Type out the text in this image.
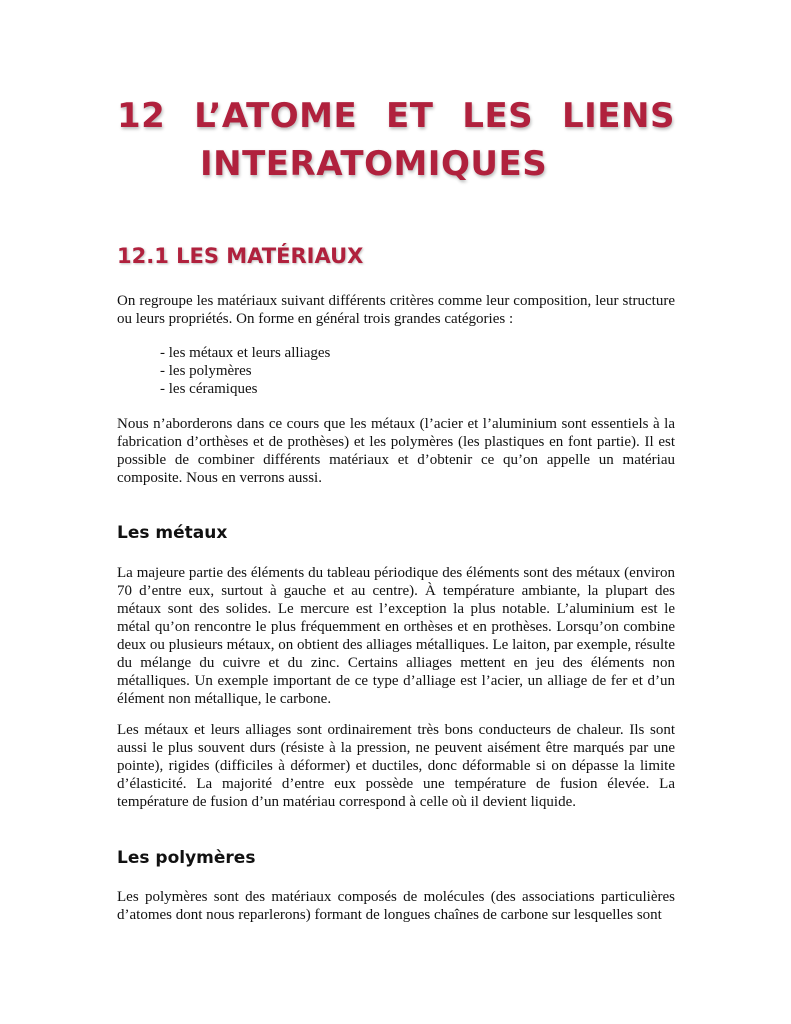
12 L’ATOME ET LES LIENS
INTERATOMIQUES
12.1 LES MATÉRIAUX

On regroupe les matériaux suivant différents critères comme leur composition, leur structure ou leurs propriétés. On forme en général trois grandes catégories :

- les métaux et leurs alliages
- les polymères
- les céramiques

Nous n’aborderons dans ce cours que les métaux (l’acier et l’aluminium sont essentiels à la fabrication d’orthèses et de prothèses) et les polymères (les plastiques en font partie). Il est possible de combiner différents matériaux et d’obtenir ce qu’on appelle un matériau composite. Nous en verrons aussi.

Les métaux

La majeure partie des éléments du tableau périodique des éléments sont des métaux (environ 70 d’entre eux, surtout à gauche et au centre). À température ambiante, la plupart des métaux sont des solides. Le mercure est l’exception la plus notable. L’aluminium est le métal qu’on rencontre le plus fréquemment en orthèses et en prothèses. Lorsqu’on combine deux ou plusieurs métaux, on obtient des alliages métalliques. Le laiton, par exemple, résulte du mélange du cuivre et du zinc. Certains alliages mettent en jeu des éléments non métalliques. Un exemple important de ce type d’alliage est l’acier, un alliage de fer et d’un élément non métallique, le carbone.

Les métaux et leurs alliages sont ordinairement très bons conducteurs de chaleur. Ils sont aussi le plus souvent durs (résiste à la pression, ne peuvent aisément être marqués par une pointe), rigides (difficiles à déformer) et ductiles, donc déformable si on dépasse la limite d’élasticité. La majorité d’entre eux possède une température de fusion élevée. La température de fusion d’un matériau correspond à celle où il devient liquide.

Les polymères

Les polymères sont des matériaux composés de molécules (des associations particulières d’atomes dont nous reparlerons) formant de longues chaînes de carbone sur lesquelles sont
